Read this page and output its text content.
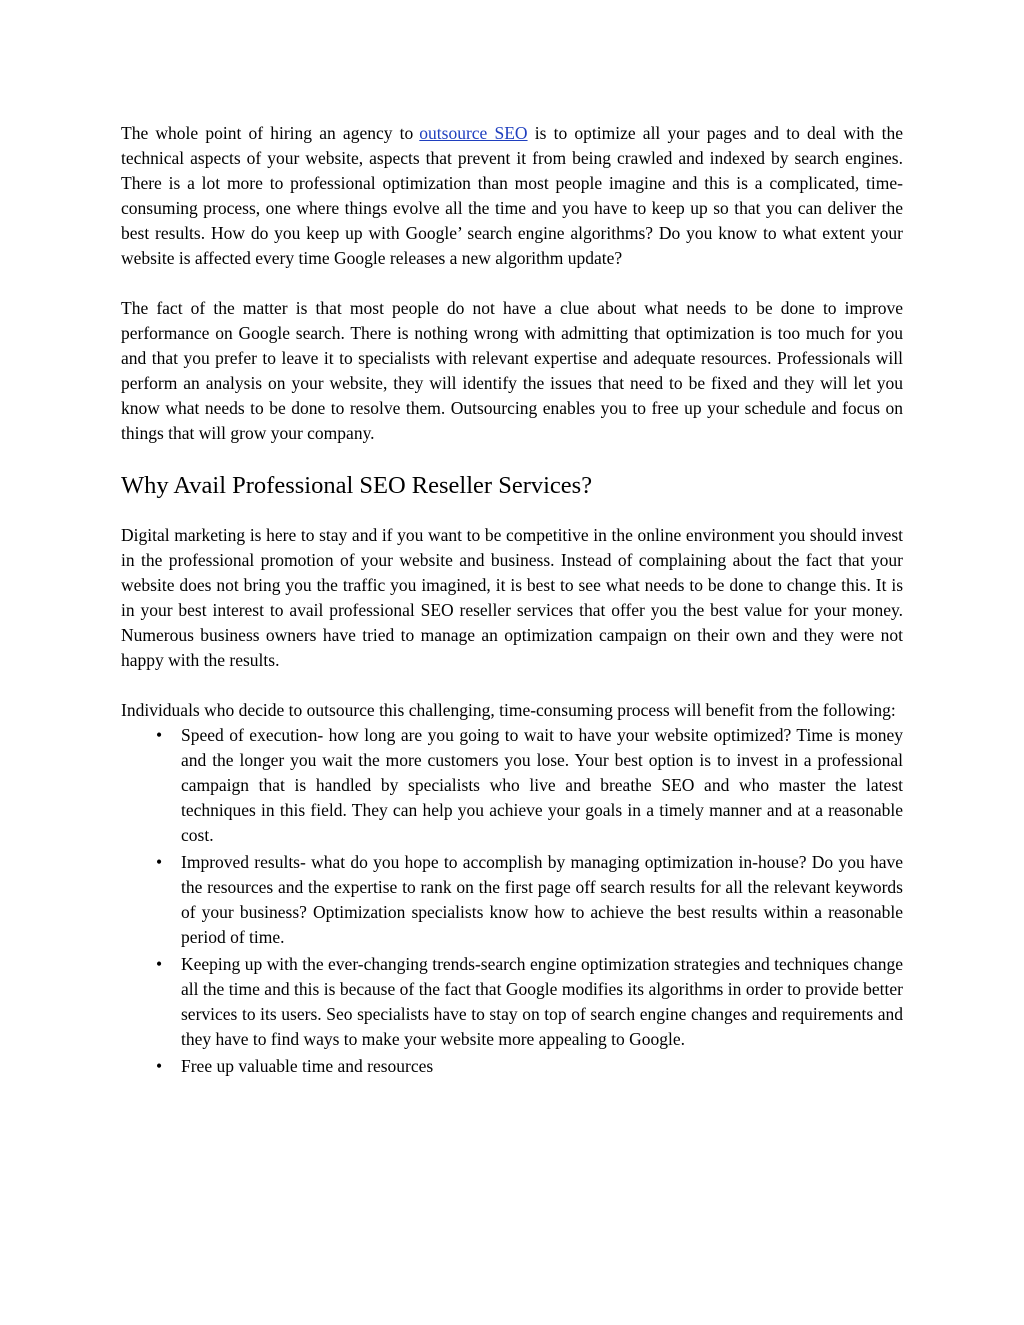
The whole point of hiring an agency to outsource SEO is to optimize all your pages and to deal with the technical aspects of your website, aspects that prevent it from being crawled and indexed by search engines. There is a lot more to professional optimization than most people imagine and this is a complicated, time-consuming process, one where things evolve all the time and you have to keep up so that you can deliver the best results. How do you keep up with Google’ search engine algorithms? Do you know to what extent your website is affected every time Google releases a new algorithm update?

The fact of the matter is that most people do not have a clue about what needs to be done to improve performance on Google search. There is nothing wrong with admitting that optimization is too much for you and that you prefer to leave it to specialists with relevant expertise and adequate resources. Professionals will perform an analysis on your website, they will identify the issues that need to be fixed and they will let you know what needs to be done to resolve them. Outsourcing enables you to free up your schedule and focus on things that will grow your company.

Why Avail Professional SEO Reseller Services?

Digital marketing is here to stay and if you want to be competitive in the online environment you should invest in the professional promotion of your website and business. Instead of complaining about the fact that your website does not bring you the traffic you imagined, it is best to see what needs to be done to change this. It is in your best interest to avail professional SEO reseller services that offer you the best value for your money. Numerous business owners have tried to manage an optimization campaign on their own and they were not happy with the results.

Individuals who decide to outsource this challenging, time-consuming process will benefit from the following:

• Speed of execution- how long are you going to wait to have your website optimized? Time is money and the longer you wait the more customers you lose. Your best option is to invest in a professional campaign that is handled by specialists who live and breathe SEO and who master the latest techniques in this field. They can help you achieve your goals in a timely manner and at a reasonable cost.
• Improved results- what do you hope to accomplish by managing optimization in-house? Do you have the resources and the expertise to rank on the first page off search results for all the relevant keywords of your business? Optimization specialists know how to achieve the best results within a reasonable period of time.
• Keeping up with the ever-changing trends-search engine optimization strategies and techniques change all the time and this is because of the fact that Google modifies its algorithms in order to provide better services to its users. Seo specialists have to stay on top of search engine changes and requirements and they have to find ways to make your website more appealing to Google.
• Free up valuable time and resources
